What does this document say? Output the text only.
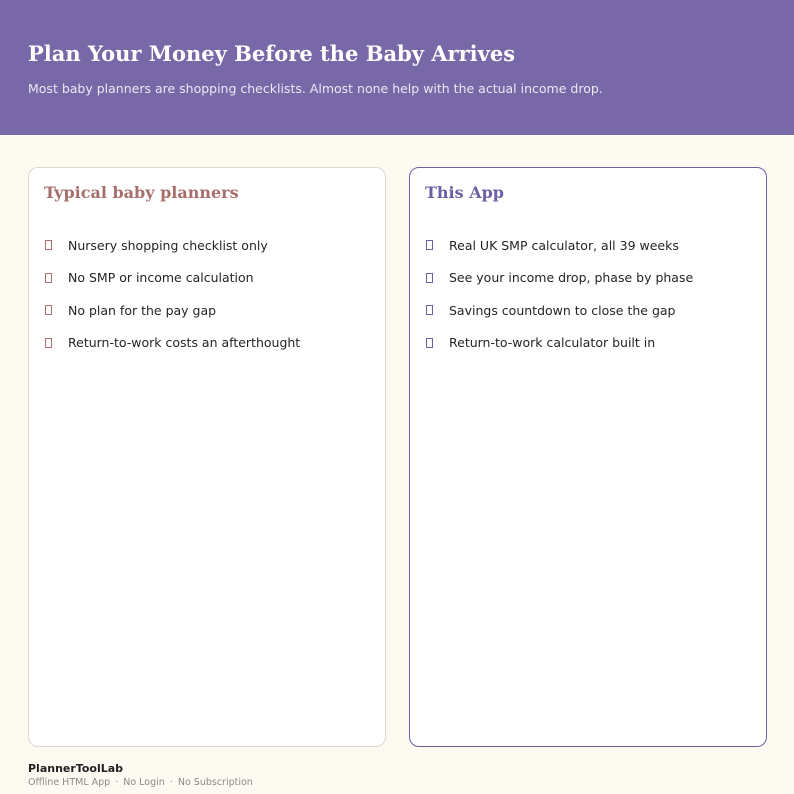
Plan Your Money Before the Baby Arrives

Most baby planners are shopping checklists. Almost none help with the actual income drop.

Typical baby planners
Nursery shopping checklist only
No SMP or income calculation
No plan for the pay gap
Return-to-work costs an afterthought
This App
Real UK SMP calculator, all 39 weeks
See your income drop, phase by phase
Savings countdown to close the gap
Return-to-work calculator built in
PlannerToolLab
Offline HTML App · No Login · No Subscription
